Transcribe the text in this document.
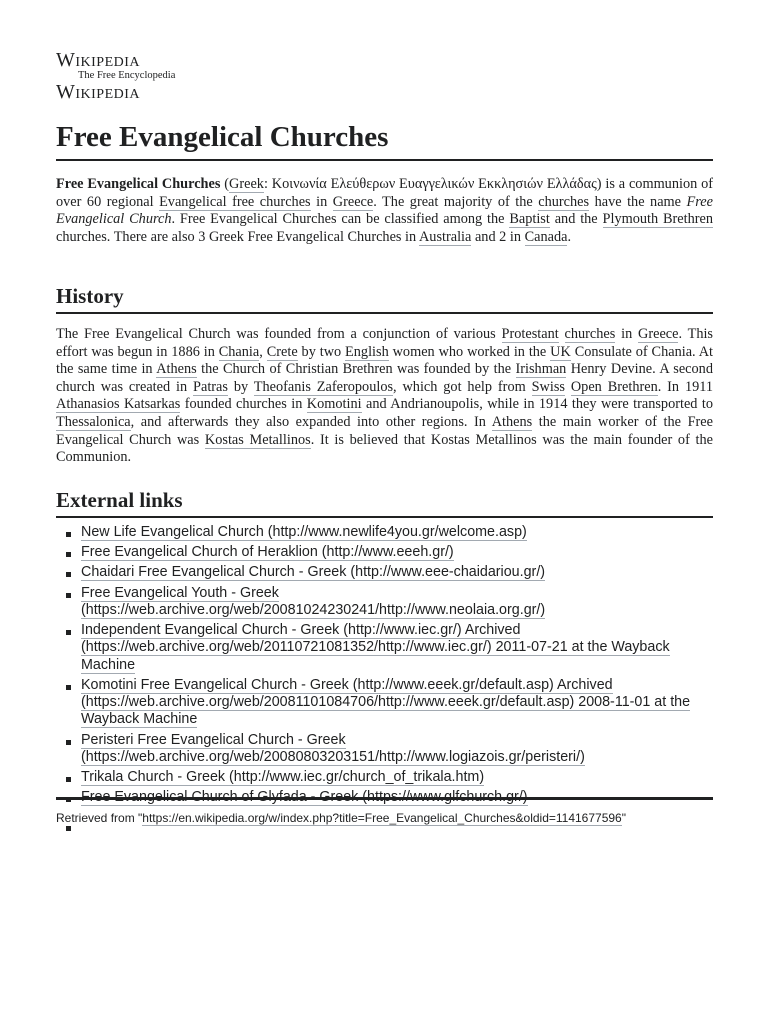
Wikipedia
The Free Encyclopedia
Wikipedia
Free Evangelical Churches

Free Evangelical Churches (Greek: Κοινωνία Ελεύθερων Ευαγγελικών Εκκλησιών Ελλάδας) is a communion of over 60 regional Evangelical free churches in Greece. The great majority of the churches have the name Free Evangelical Church. Free Evangelical Churches can be classified among the Baptist and the Plymouth Brethren churches. There are also 3 Greek Free Evangelical Churches in Australia and 2 in Canada.

History

The Free Evangelical Church was founded from a conjunction of various Protestant churches in Greece. This effort was begun in 1886 in Chania, Crete by two English women who worked in the UK Consulate of Chania. At the same time in Athens the Church of Christian Brethren was founded by the Irishman Henry Devine. A second church was created in Patras by Theofanis Zaferopoulos, which got help from Swiss Open Brethren. In 1911 Athanasios Katsarkas founded churches in Komotini and Andrianoupolis, while in 1914 they were transported to Thessalonica, and afterwards they also expanded into other regions. In Athens the main worker of the Free Evangelical Church was Kostas Metallinos. It is believed that Kostas Metallinos was the main founder of the Communion.

External links
New Life Evangelical Church (http://www.newlife4you.gr/welcome.asp)
Free Evangelical Church of Heraklion (http://www.eeeh.gr/)
Chaidari Free Evangelical Church - Greek (http://www.eee-chaidariou.gr/)
Free Evangelical Youth - Greek (https://web.archive.org/web/20081024230241/http://www.neolaia.org.gr/)
Independent Evangelical Church - Greek (http://www.iec.gr/) Archived (https://web.archive.org/web/20110721081352/http://www.iec.gr/) 2011-07-21 at the Wayback Machine
Komotini Free Evangelical Church - Greek (http://www.eeek.gr/default.asp) Archived (https://web.archive.org/web/20081101084706/http://www.eeek.gr/default.asp) 2008-11-01 at the Wayback Machine
Peristeri Free Evangelical Church - Greek (https://web.archive.org/web/20080803203151/http://www.logiazois.gr/peristeri/)
Trikala Church - Greek (http://www.iec.gr/church_of_trikala.htm)
Retrieved from "https://en.wikipedia.org/w/index.php?title=Free_Evangelical_Churches&oldid=1141677596"
